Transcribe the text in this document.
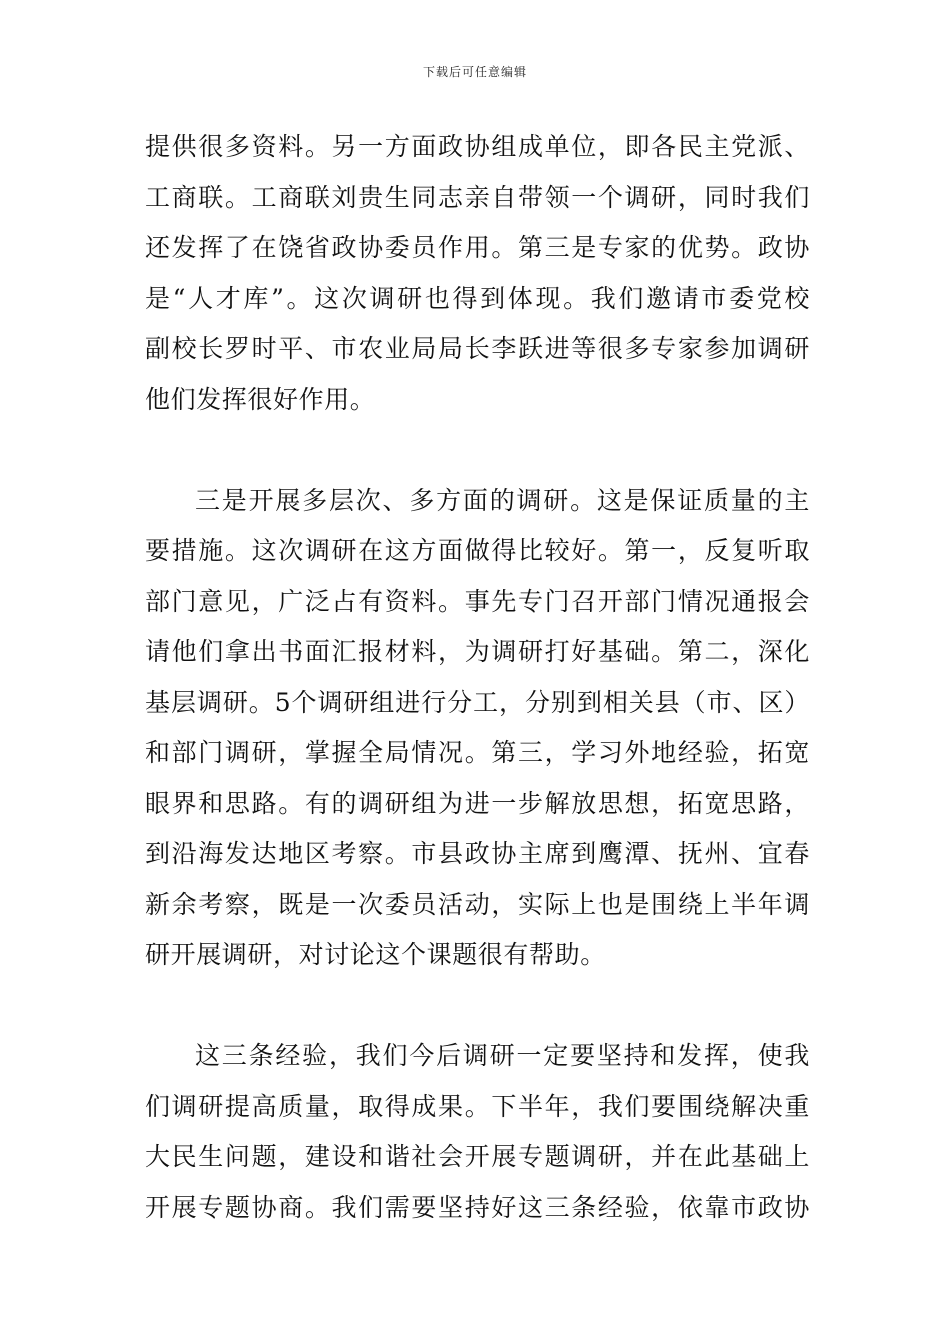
下载后可任意编辑
提供很多资料。另一方面政协组成单位，即各民主党派、
工商联。工商联刘贵生同志亲自带领一个调研，同时我们
还发挥了在饶省政协委员作用。第三是专家的优势。政协
是“人才库”。这次调研也得到体现。我们邀请市委党校
副校长罗时平、市农业局局长李跃进等很多专家参加调研
他们发挥很好作用。
三是开展多层次、多方面的调研。这是保证质量的主
要措施。这次调研在这方面做得比较好。第一，反复听取
部门意见，广泛占有资料。事先专门召开部门情况通报会
请他们拿出书面汇报材料，为调研打好基础。第二，深化
基层调研。5个调研组进行分工，分别到相关县（市、区）
和部门调研，掌握全局情况。第三，学习外地经验，拓宽
眼界和思路。有的调研组为进一步解放思想，拓宽思路，
到沿海发达地区考察。市县政协主席到鹰潭、抚州、宜春
新余考察，既是一次委员活动，实际上也是围绕上半年调
研开展调研，对讨论这个课题很有帮助。
这三条经验，我们今后调研一定要坚持和发挥，使我
们调研提高质量，取得成果。下半年，我们要围绕解决重
大民生问题，建设和谐社会开展专题调研，并在此基础上
开展专题协商。我们需要坚持好这三条经验，依靠市政协
